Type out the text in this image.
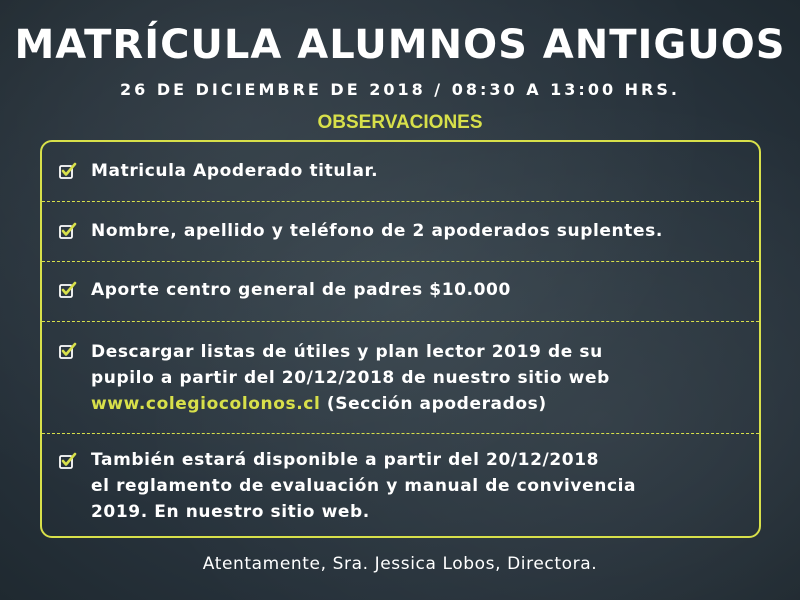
MATRÍCULA ALUMNOS ANTIGUOS
26 DE DICIEMBRE DE 2018 / 08:30 A 13:00 HRS.
OBSERVACIONES
Matricula Apoderado titular.
Nombre, apellido y teléfono de 2 apoderados suplentes.
Aporte centro general de padres $10.000
Descargar listas de útiles y plan lector 2019 de su
pupilo a partir del 20/12/2018 de nuestro sitio web
www.colegiocolonos.cl (Sección apoderados)
También estará disponible a partir del 20/12/2018
el reglamento de evaluación y manual de convivencia
2019. En nuestro sitio web.
Atentamente, Sra. Jessica Lobos, Directora.
